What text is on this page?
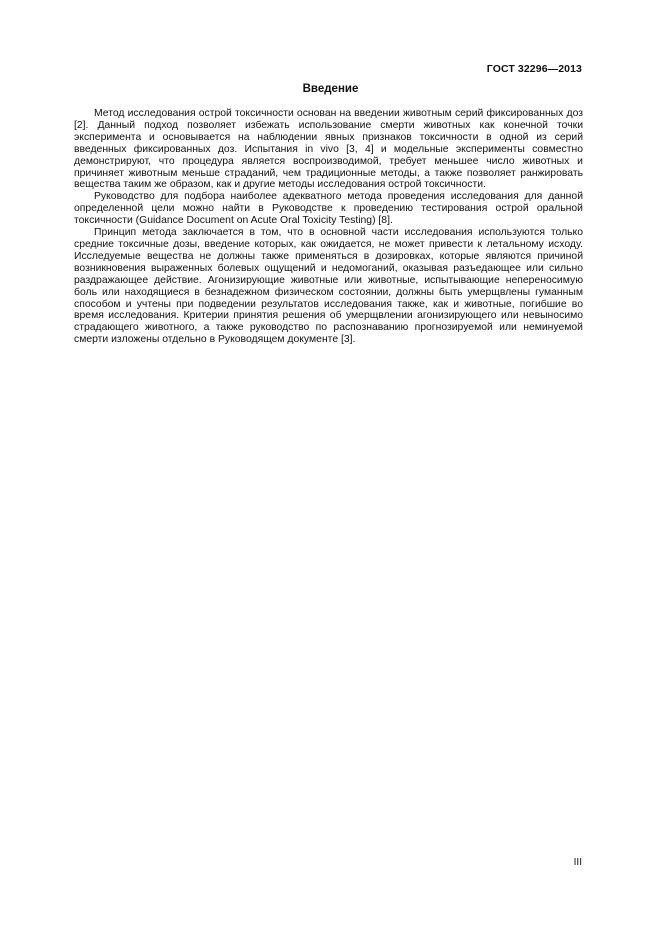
ГОСТ 32296—2013
Введение

Метод исследования острой токсичности основан на введении животным серий фиксированных доз [2]. Данный подход позволяет избежать использование смерти животных как конечной точки эксперимента и основывается на наблюдении явных признаков токсичности в одной из серий введенных фиксированных доз. Испытания in vivo [3, 4] и модельные эксперименты совместно демонстрируют, что процедура является воспроизводимой, требует меньшее число животных и причиняет животным меньше страданий, чем традиционные методы, а также позволяет ранжировать вещества таким же образом, как и другие методы исследования острой токсичности.

Руководство для подбора наиболее адекватного метода проведения исследования для данной определенной цели можно найти в Руководстве к проведению тестирования острой оральной токсичности (Guidance Document on Acute Oral Toxicity Testing) [8].

Принцип метода заключается в том, что в основной части исследования используются только средние токсичные дозы, введение которых, как ожидается, не может привести к летальному исходу. Исследуемые вещества не должны также применяться в дозировках, которые являются причиной возникновения выраженных болевых ощущений и недомоганий, оказывая разъедающее или сильно раздражающее действие. Агонизирующие животные или животные, испытывающие непереносимую боль или находящиеся в безнадежном физическом состоянии, должны быть умерщвлены гуманным способом и учтены при подведении результатов исследования также, как и животные, погибшие во время исследования. Критерии принятия решения об умерщвлении агонизирующего или невыносимо страдающего животного, а также руководство по распознаванию прогнозируемой или неминуемой смерти изложены отдельно в Руководящем документе [3].

III
